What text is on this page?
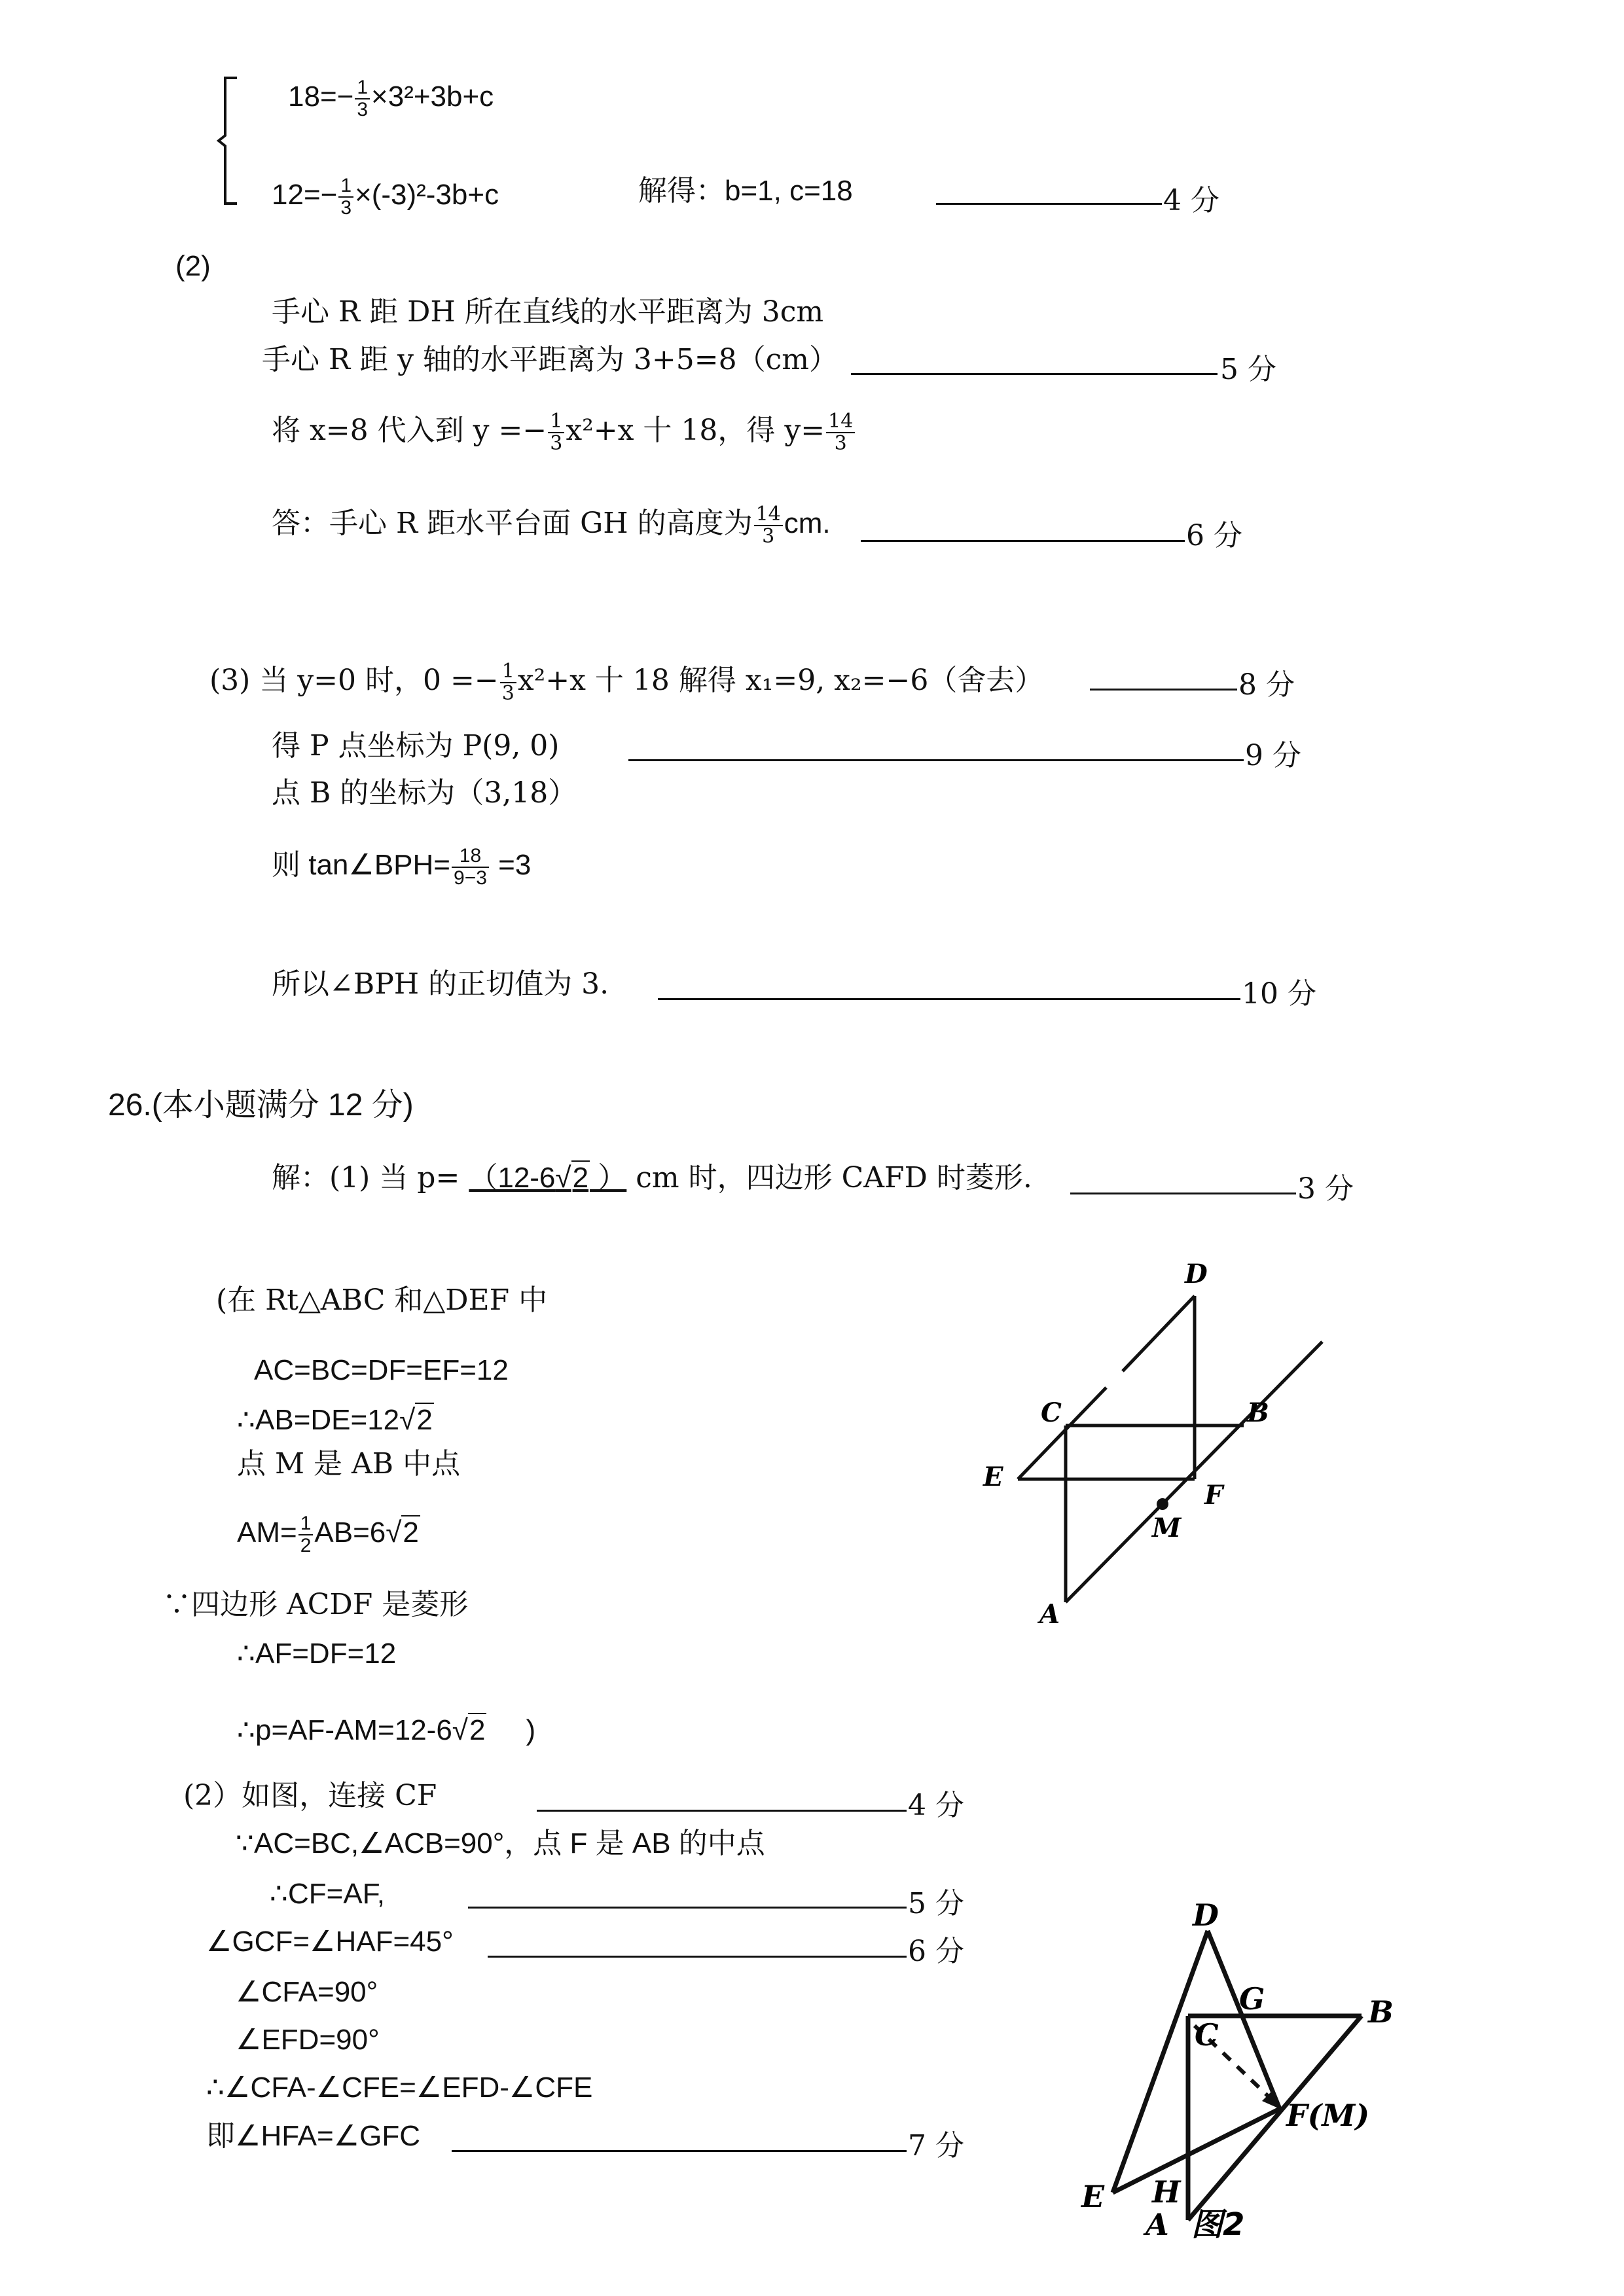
$18=- \frac{1}{3} \times 3^2+3b+c$
$12=- \frac{1}{3} \times(-3)^2-3b+c$	解得：b=1, c=18	4 分
(2)
手心 R 距 DH 所在直线的水平距离为 3cm
手心 R 距 y 轴的水平距离为 3+5=8（cm）	5 分
将 x=8 代入到 $y =- \frac{1}{3} x^2+x$ 十 18，得 $y= \frac{14}{3}$
答：手心 R 距水平台面 GH 的高度为 $\frac{14}{3}$ cm.	6 分
(3) 当 y=0 时，$0 =- \frac{1}{3} x^2+x$ 十 18 解得 x₁=9, x₂=−6（舍去）	8 分
得 P 点坐标为 P(9, 0)	9 分
点 B 的坐标为（3,18）
则 tan∠BPH= $\frac{18}{9-3} =3$
所以∠BPH 的正切值为 3.	10 分
26.(本小题满分 12 分)
解：(1) 当 p= （12-6√2 ） cm 时，四边形 CAFD 时菱形.	3 分
(在 Rt△ABC 和△DEF 中
AC=BC=DF=EF=12
∴AB=DE=12√2
点 M 是 AB 中点
$AM= \frac{1}{2} AB=6√2$
∵四边形 ACDF 是菱形
∴AF=DF=12
∴p=AF-AM=12-6√2 )
(2）如图，连接 CF	4 分
∵AC=BC,∠ACB=90°，点 F 是 AB 的中点
∴CF=AF,	5 分
∠GCF=∠HAF=45°	6 分
∠CFA=90°
∠EFD=90°
∴∠CFA-∠CFE=∠EFD-∠CFE
即∠HFA=∠GFC	7 分
D
C	B
E
F
M
A
D
G	B
C
F(M)
E H
A 图2
